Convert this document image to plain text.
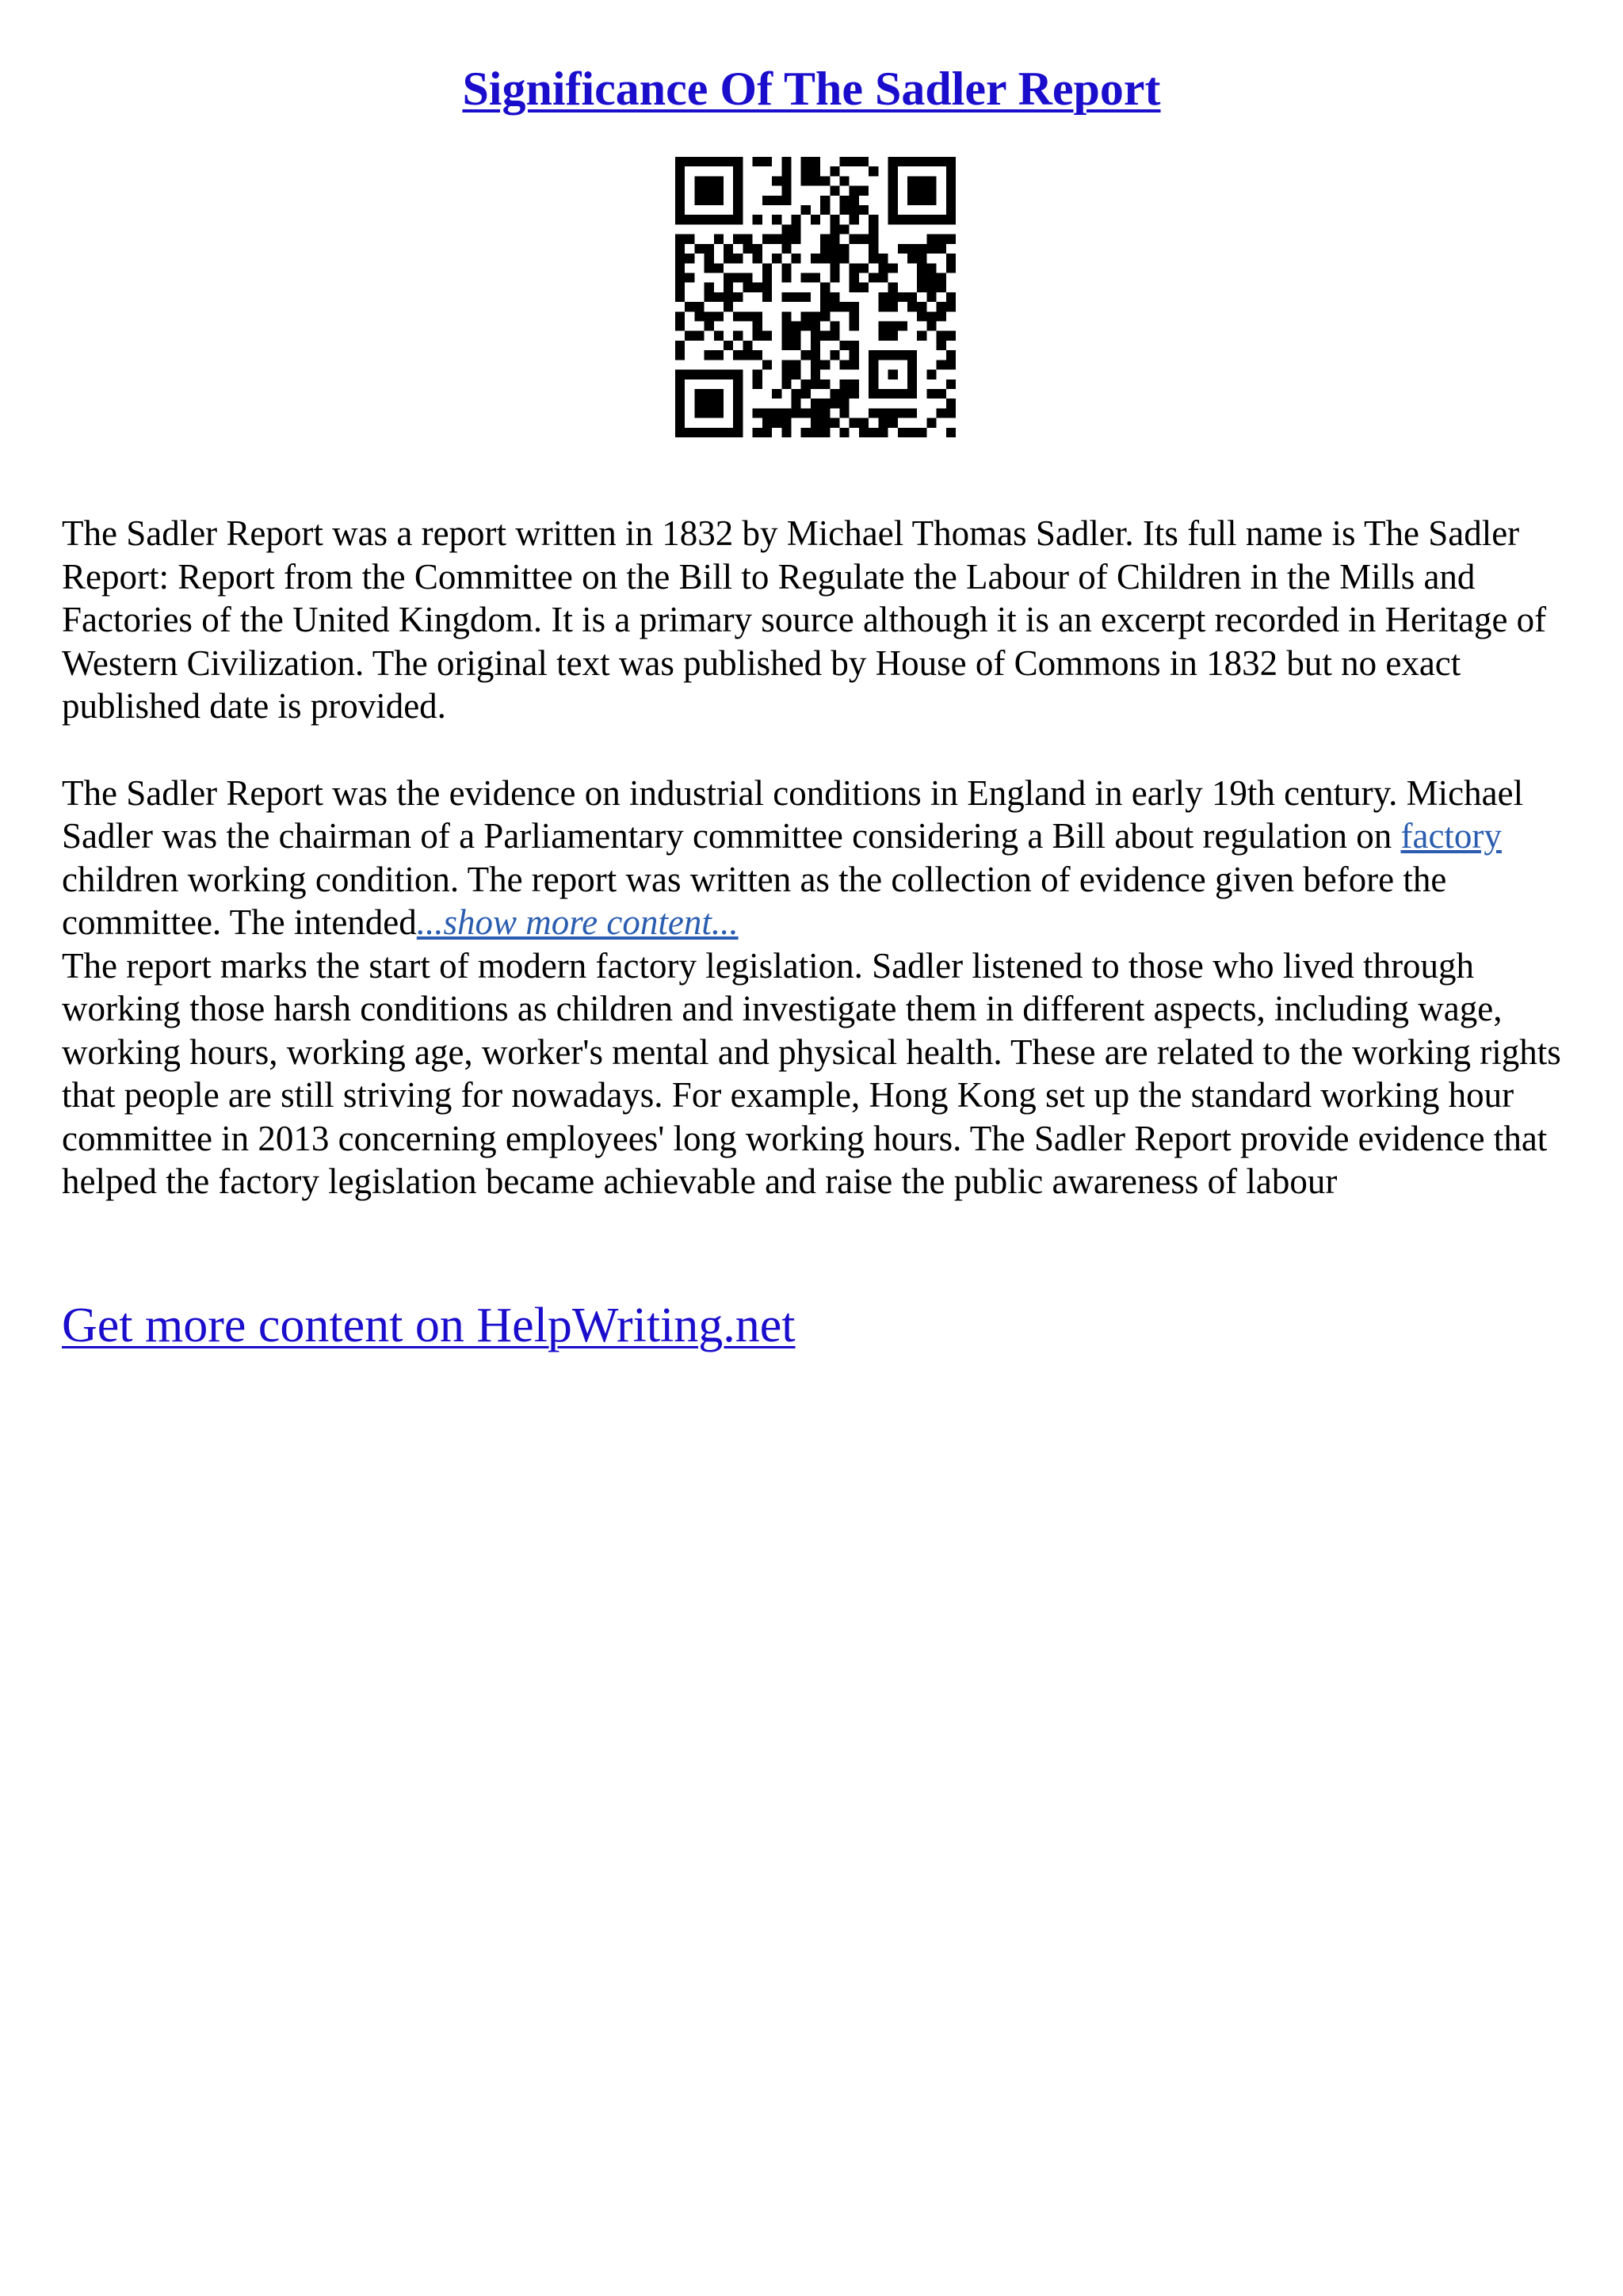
Significance Of The Sadler Report

The Sadler Report was a report written in 1832 by Michael Thomas Sadler. Its full name is The Sadler Report: Report from the Committee on the Bill to Regulate the Labour of Children in the Mills and Factories of the United Kingdom. It is a primary source although it is an excerpt recorded in Heritage of Western Civilization. The original text was published by House of Commons in 1832 but no exact published date is provided.

The Sadler Report was the evidence on industrial conditions in England in early 19th century. Michael Sadler was the chairman of a Parliamentary committee considering a Bill about regulation on factory children working condition. The report was written as the collection of evidence given before the committee. The intended...show more content...

The report marks the start of modern factory legislation. Sadler listened to those who lived through working those harsh conditions as children and investigate them in different aspects, including wage, working hours, working age, worker's mental and physical health. These are related to the working rights that people are still striving for nowadays. For example, Hong Kong set up the standard working hour committee in 2013 concerning employees' long working hours. The Sadler Report provide evidence that helped the factory legislation became achievable and raise the public awareness of labour

Get more content on HelpWriting.net
